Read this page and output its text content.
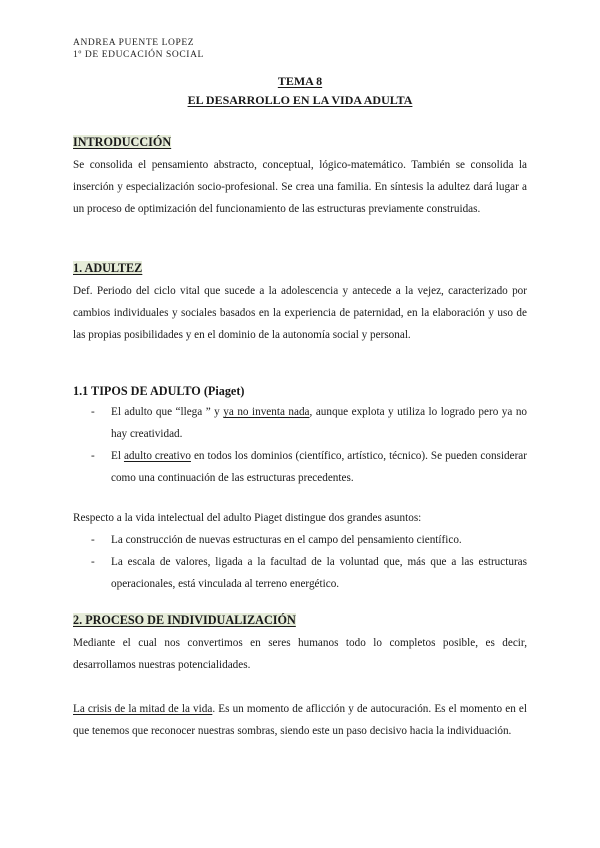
ANDREA PUENTE LOPEZ
1º DE EDUCACIÓN SOCIAL
TEMA 8
EL DESARROLLO EN LA VIDA ADULTA
INTRODUCCIÓN
Se consolida el pensamiento abstracto, conceptual, lógico-matemático. También se consolida la inserción y especialización socio-profesional. Se crea una familia. En síntesis la adultez dará lugar a un proceso de optimización del funcionamiento de las estructuras previamente construidas.
1. ADULTEZ
Def. Periodo del ciclo vital que sucede a la adolescencia y antecede a la vejez, caracterizado por cambios individuales y sociales basados en la experiencia de paternidad, en la elaboración y uso de las propias posibilidades y en el dominio de la autonomía social y personal.
1.1 TIPOS DE ADULTO (Piaget)
- El adulto que “llega ” y ya no inventa nada, aunque explota y utiliza lo logrado pero ya no hay creatividad.
- El adulto creativo en todos los dominios (científico, artístico, técnico). Se pueden considerar como una continuación de las estructuras precedentes.
Respecto a la vida intelectual del adulto Piaget distingue dos grandes asuntos:
- La construcción de nuevas estructuras en el campo del pensamiento científico.
- La escala de valores, ligada a la facultad de la voluntad que, más que a las estructuras operacionales, está vinculada al terreno energético.
2. PROCESO DE INDIVIDUALIZACIÓN
Mediante el cual nos convertimos en seres humanos todo lo completos posible, es decir, desarrollamos nuestras potencialidades.
La crisis de la mitad de la vida. Es un momento de aflicción y de autocuración. Es el momento en el que tenemos que reconocer nuestras sombras, siendo este un paso decisivo hacia la individuación.
